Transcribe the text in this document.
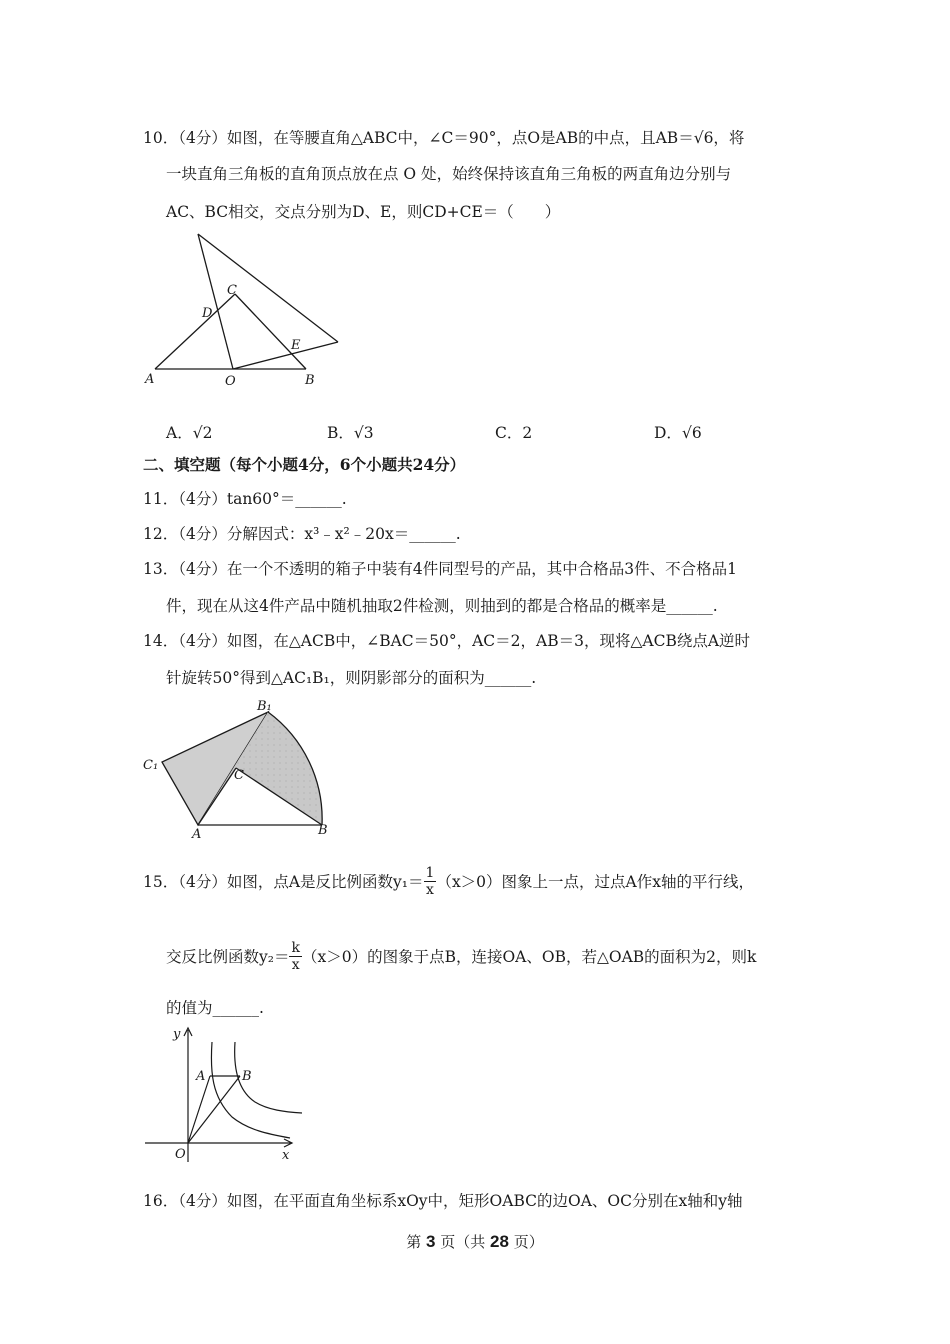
10．（4分）如图，在等腰直角△ABC中，∠C＝90°，点O是AB的中点，且AB＝√6，将
一块直角三角板的直角顶点放在点 O 处，始终保持该直角三角板的两直角边分别与
AC、BC相交，交点分别为D、E，则CD+CE＝（　　）
A	O	B
C
D
E
A．√2	B．√3	C．2	D．√6
二、填空题（每个小题4分，6个小题共24分）
11．（4分）tan60°＝______.
12．（4分）分解因式：x³﹣x²﹣20x＝______.
13．（4分）在一个不透明的箱子中装有4件同型号的产品，其中合格品3件、不合格品1
件，现在从这4件产品中随机抽取2件检测，则抽到的都是合格品的概率是______.
14．（4分）如图，在△ACB中，∠BAC＝50°，AC＝2，AB＝3，现将△ACB绕点A逆时
针旋转50°得到△AC₁B₁，则阴影部分的面积为______.
B₁
C₁
C
A	B
15．（4分）如图，点A是反比例函数$y_1= \frac{1}{x} (x>0)$图象上一点，过点A作x轴的平行线，
交反比例函数$y_2= \frac{k}{x} (x>0)$的图象于点B，连接OA、OB，若△OAB的面积为2，则k
的值为______.
y
x
O
A	B
16．（4分）如图，在平面直角坐标系xOy中，矩形OABC的边OA、OC分别在x轴和y轴
第 3 页（共 28 页）
